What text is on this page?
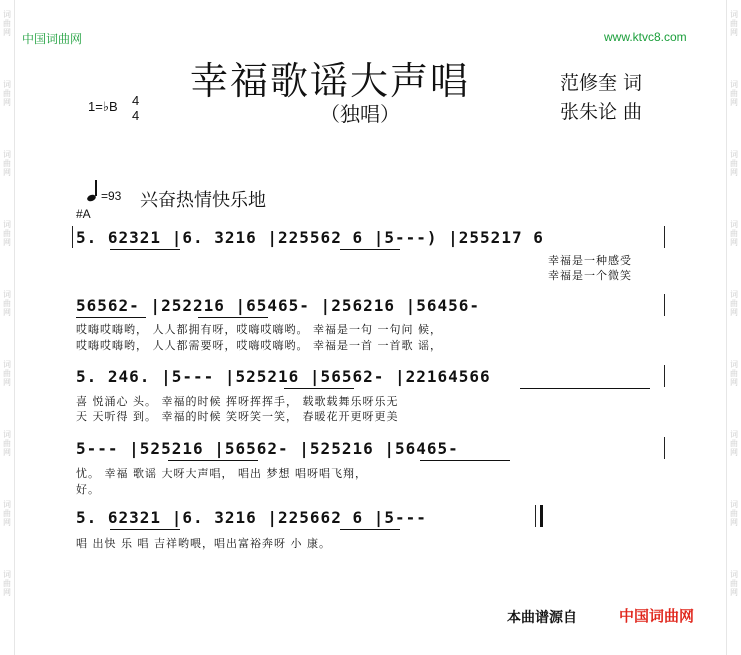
词曲网
词曲网
词曲网
词曲网
词曲网
词曲网
词曲网
词曲网
词曲网
词曲网
词曲网
词曲网
词曲网
词曲网
词曲网
词曲网
词曲网
词曲网
中国词曲网	www.ktvc8.com
幸福歌谣大声唱
（独唱）
范修奎 词
张朱论 曲
1=♭B 4
4
=93 兴奋热情快乐地
#A
5. 62321 |6. 3216 |225562 6 |5---) |255217 6
幸福是一种感受
幸福是一个微笑
56562- |252216 |65465- |256216 |56456-
哎嗨哎嗨哟， 人人都拥有呀，哎嗨哎嗨哟。 幸福是一句 一句问 候，
哎嗨哎嗨哟， 人人都需要呀，哎嗨哎嗨哟。 幸福是一首 一首歌 谣，
5. 246. |5--- |525216 |56562- |22164566
喜 悦涌心 头。 幸福的时候 挥呀挥挥手， 载歌载舞乐呀乐无
天 天听得 到。 幸福的时候 笑呀笑一笑， 春暖花开更呀更美
5--- |525216 |56562- |525216 |56465-
忧。 幸福 歌谣 大呀大声唱， 唱出 梦想 唱呀唱飞翔，
好。
5. 62321 |6. 3216 |225662 6 |5---
唱 出快 乐 唱 吉祥哟喂，唱出富裕奔呀 小 康。
本曲谱源自	中国词曲网
